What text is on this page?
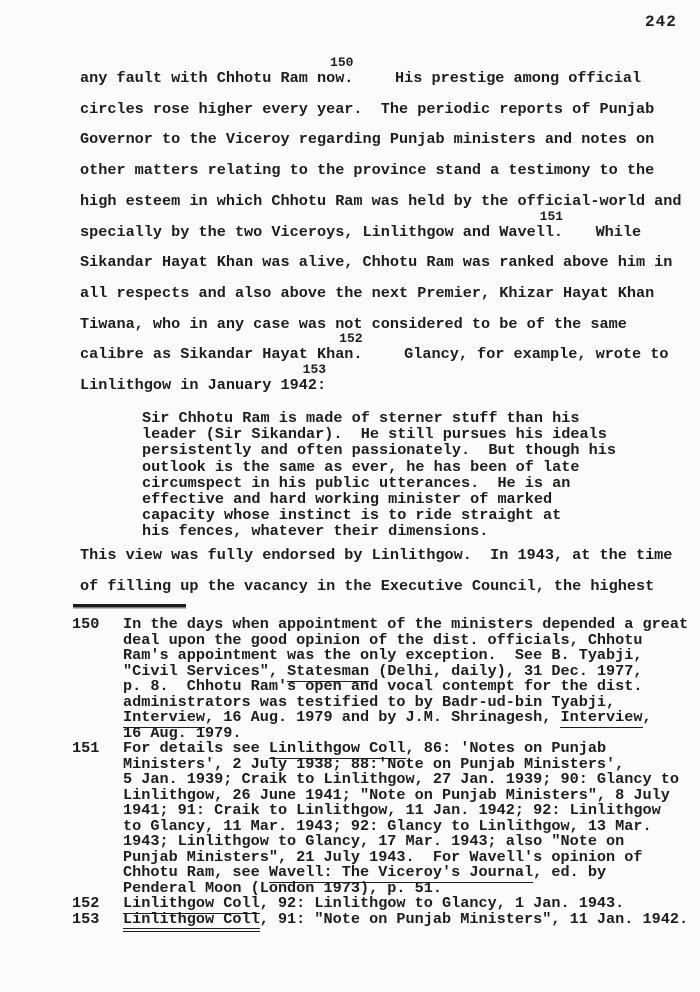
242
any fault with Chhotu Ram now.150  His prestige among official
circles rose higher every year.  The periodic reports of Punjab
Governor to the Viceroy regarding Punjab ministers and notes on
other matters relating to the province stand a testimony to the
high esteem in which Chhotu Ram was held by the official-world and
specially by the two Viceroys, Linlithgow and Wavell.151 While
Sikandar Hayat Khan was alive, Chhotu Ram was ranked above him in
all respects and also above the next Premier, Khizar Hayat Khan
Tiwana, who in any case was not considered to be of the same
calibre as Sikandar Hayat Khan.152  Glancy, for example, wrote to
Linlithgow in January 1942:153
Sir Chhotu Ram is made of sterner stuff than his
leader (Sir Sikandar).  He still pursues his ideals
persistently and often passionately.  But though his
outlook is the same as ever, he has been of late
circumspect in his public utterances.  He is an
effective and hard working minister of marked
capacity whose instinct is to ride straight at
his fences, whatever their dimensions.
This view was fully endorsed by Linlithgow.  In 1943, at the time
of filling up the vacancy in the Executive Council, the highest
150 In the days when appointment of the ministers depended a great
deal upon the good opinion of the dist. officials, Chhotu
Ram's appointment was the only exception.  See B. Tyabji,
"Civil Services", Statesman (Delhi, daily), 31 Dec. 1977,
p. 8.  Chhotu Ram's open and vocal contempt for the dist.
administrators was testified to by Badr-ud-bin Tyabji,
Interview, 16 Aug. 1979 and by J.M. Shrinagesh, Interview,
16 Aug. 1979.
151 For details see Linlithgow Coll, 86: 'Notes on Punjab
Ministers', 2 July 1938; 88:'Note on Punjab Ministers',
5 Jan. 1939; Craik to Linlithgow, 27 Jan. 1939; 90: Glancy to
Linlithgow, 26 June 1941; "Note on Punjab Ministers", 8 July
1941; 91: Craik to Linlithgow, 11 Jan. 1942; 92: Linlithgow
to Glancy, 11 Mar. 1943; 92: Glancy to Linlithgow, 13 Mar.
1943; Linlithgow to Glancy, 17 Mar. 1943; also "Note on
Punjab Ministers", 21 July 1943.  For Wavell's opinion of
Chhotu Ram, see Wavell: The Viceroy's Journal, ed. by
Penderal Moon (London 1973), p. 51.
152 Linlithgow Coll, 92: Linlithgow to Glancy, 1 Jan. 1943.
153 Linlithgow Coll, 91: "Note on Punjab Ministers", 11 Jan. 1942.
